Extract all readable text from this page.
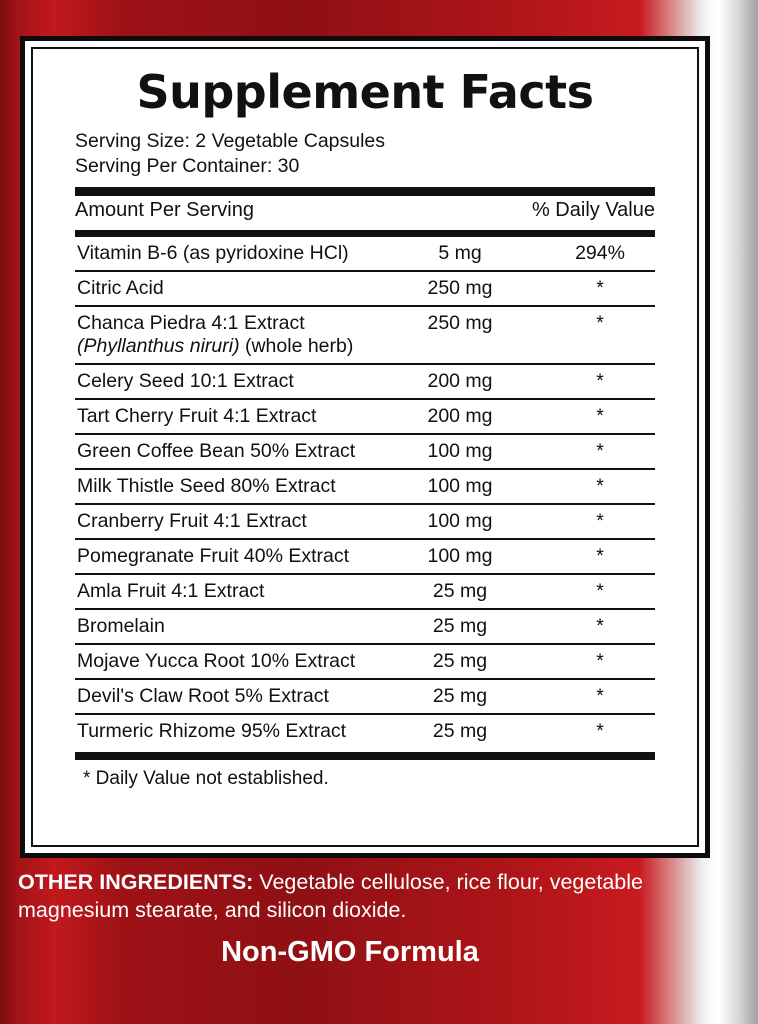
Supplement Facts
Serving Size: 2 Vegetable Capsules
Serving Per Container: 30
Amount Per Serving	% Daily Value
Vitamin B-6 (as pyridoxine HCl)	5 mg	294%
Citric Acid	250 mg	*

Chanca Piedra 4:1 Extract
(Phyllanthus niruri) (whole herb)	250 mg	*
Celery Seed 10:1 Extract	200 mg	*
Tart Cherry Fruit 4:1 Extract	200 mg	*
Green Coffee Bean 50% Extract	100 mg	*
Milk Thistle Seed 80% Extract	100 mg	*
Cranberry Fruit 4:1 Extract	100 mg	*
Pomegranate Fruit 40% Extract	100 mg	*
Amla Fruit 4:1 Extract	25 mg	*
Bromelain	25 mg	*
Mojave Yucca Root 10% Extract	25 mg	*
Devil's Claw Root 5% Extract	25 mg	*
Turmeric Rhizome 95% Extract	25 mg	*
* Daily Value not established.
OTHER INGREDIENTS: Vegetable cellulose, rice flour, vegetable magnesium stearate, and silicon dioxide.
Non-GMO Formula
